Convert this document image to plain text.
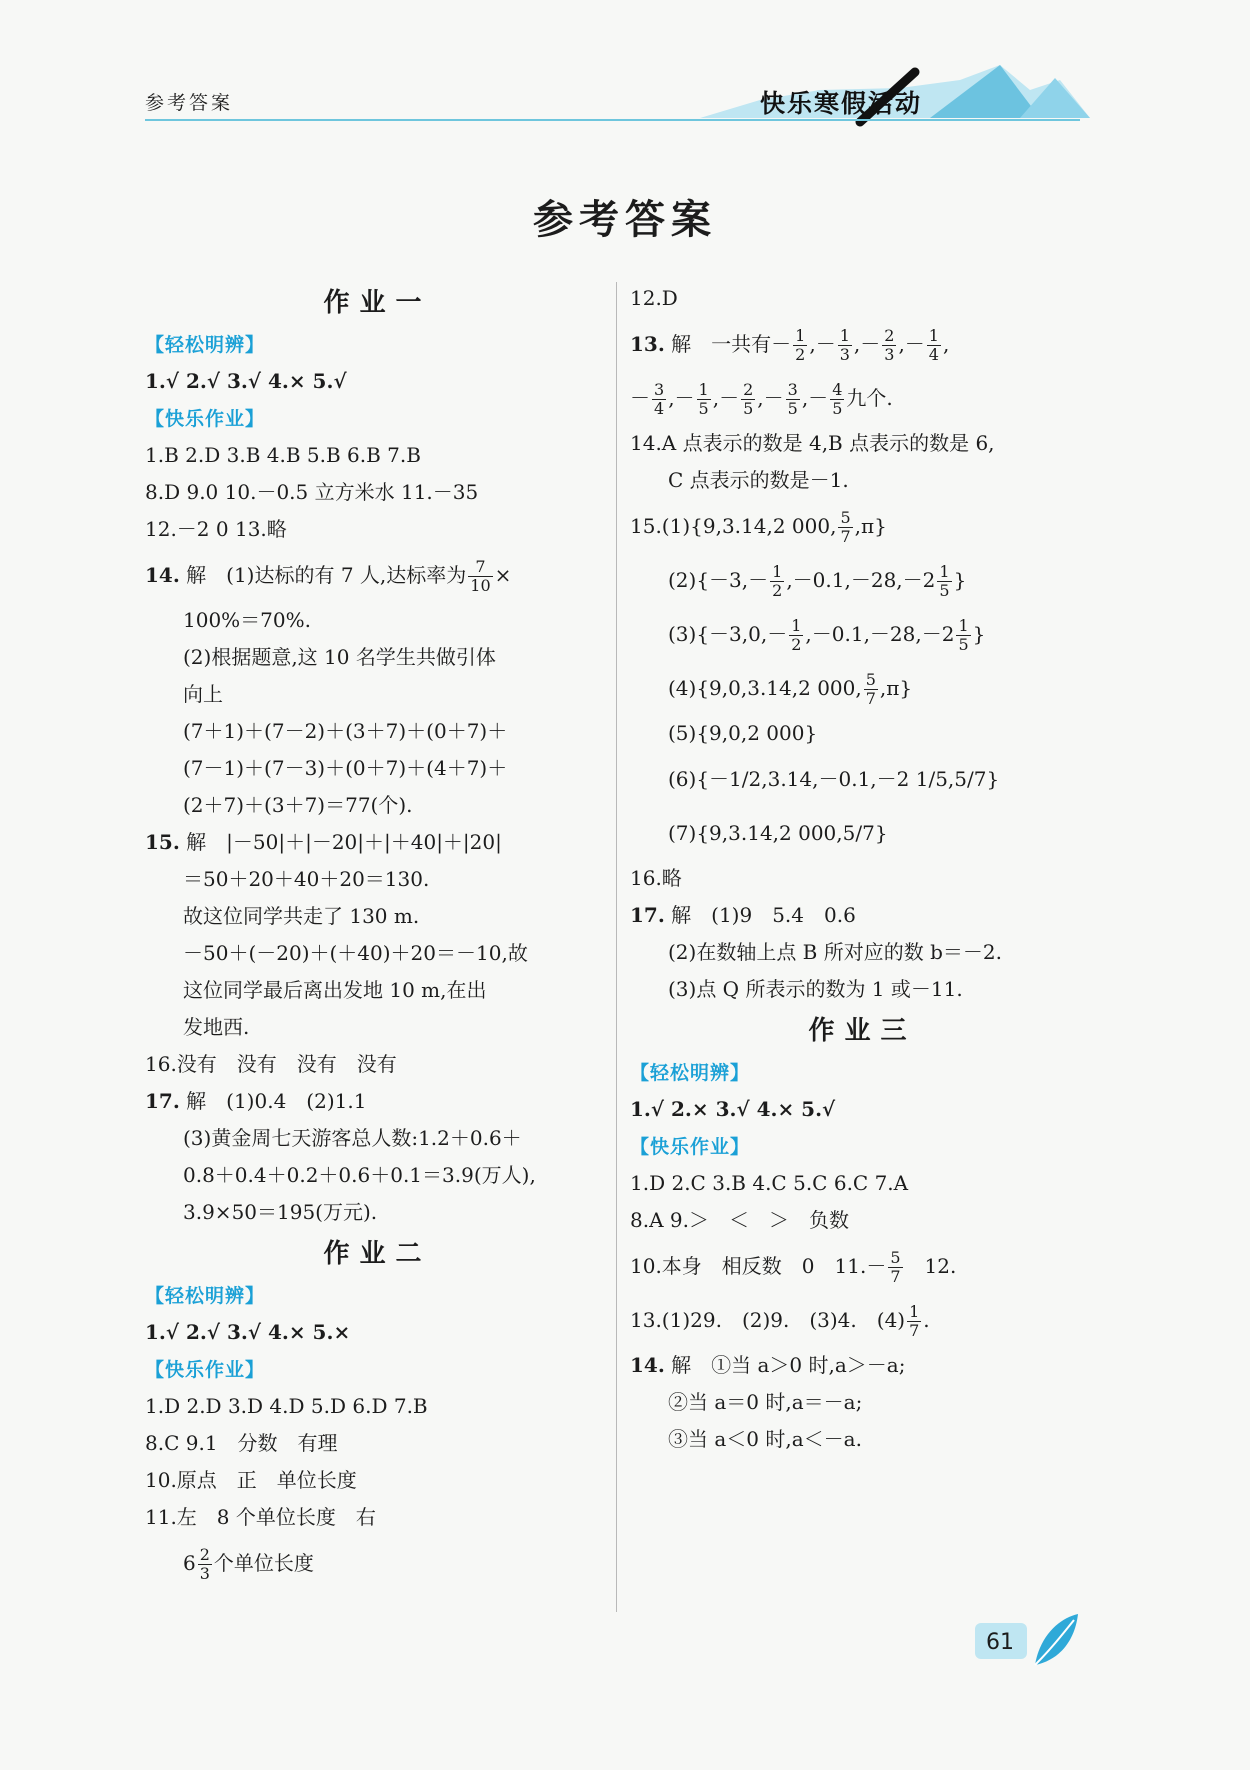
参考答案	快乐寒假活动
参考答案
作业一
【轻松明辨】
1.√ 2.√ 3.√ 4.× 5.√
【快乐作业】
1.B 2.D 3.B 4.B 5.B 6.B 7.B
8.D 9.0 10.－0.5 立方米水 11.－35
12.－2 0 13.略
14. 解　(1)达标的有 7 人,达标率为 $\frac{7}{10}$ ×
100%＝70%.
(2)根据题意,这 10 名学生共做引体
向上
(7＋1)＋(7－2)＋(3＋7)＋(0＋7)＋
(7－1)＋(7－3)＋(0＋7)＋(4＋7)＋
(2＋7)＋(3＋7)＝77(个).
15. 解　|－50|＋|－20|＋|＋40|＋|20|
＝50＋20＋40＋20＝130.
故这位同学共走了 130 m.
－50＋(－20)＋(＋40)＋20＝－10,故
这位同学最后离出发地 10 m,在出
发地西.
16.没有　没有　没有　没有
17. 解　(1)0.4　(2)1.1
(3)黄金周七天游客总人数:1.2＋0.6＋
0.8＋0.4＋0.2＋0.6＋0.1＝3.9(万人),
3.9×50＝195(万元).
作业二
【轻松明辨】
1.√ 2.√ 3.√ 4.× 5.×
【快乐作业】
1.D 2.D 3.D 4.D 5.D 6.D 7.B
8.C 9.1　分数　有理
10.原点　正　单位长度
11.左　8 个单位长度　右
$6 \frac{2}{3}$ 个单位长度
12.D
13. 解　一共有－ $\frac{1}{2}$ ,－ $\frac{1}{3}$ ,－ $\frac{2}{3}$ ,－ $\frac{1}{4}$ ,
－ $\frac{3}{4}$ ,－ $\frac{1}{5}$ ,－ $\frac{2}{5}$ ,－ $\frac{3}{5}$ ,－ $\frac{4}{5}$ 九个.
14.A 点表示的数是 4,B 点表示的数是 6,
C 点表示的数是－1.
15.(1){9,3.14,2 000, $\frac{5}{7} ,\pi$}
$(2)\{-3,- \frac{1}{2} ,-0.1,-28,-2 \frac{1}{5}$ }
$(3)\{-3,0,- \frac{1}{2} ,-0.1,-28,-2 \frac{1}{5}$ }
(4){9,0,3.14,2 000, $\frac{5}{7} ,\pi$}
(5){9,0,2 000}
(6){－1/2,3.14,－0.1,－2 1/5,5/7}
(7){9,3.14,2 000,5/7}
16.略
17. 解　(1)9　5.4　0.6
(2)在数轴上点 B 所对应的数 b＝－2.
(3)点 Q 所表示的数为 1 或－11.
作业三
【轻松明辨】
1.√ 2.× 3.√ 4.× 5.√
【快乐作业】
1.D 2.C 3.B 4.C 5.C 6.C 7.A
8.A 9.＞　＜　＞　负数
10.本身　相反数　0　$11.- \frac{5}{7}$ 　12.
13.(1)29.　(2)9.　(3)4.　$(4) \frac{1}{7}$ .
14. 解　①当 a＞0 时,a＞－a;
②当 a＝0 时,a＝－a;
③当 a＜0 时,a＜－a.
61
